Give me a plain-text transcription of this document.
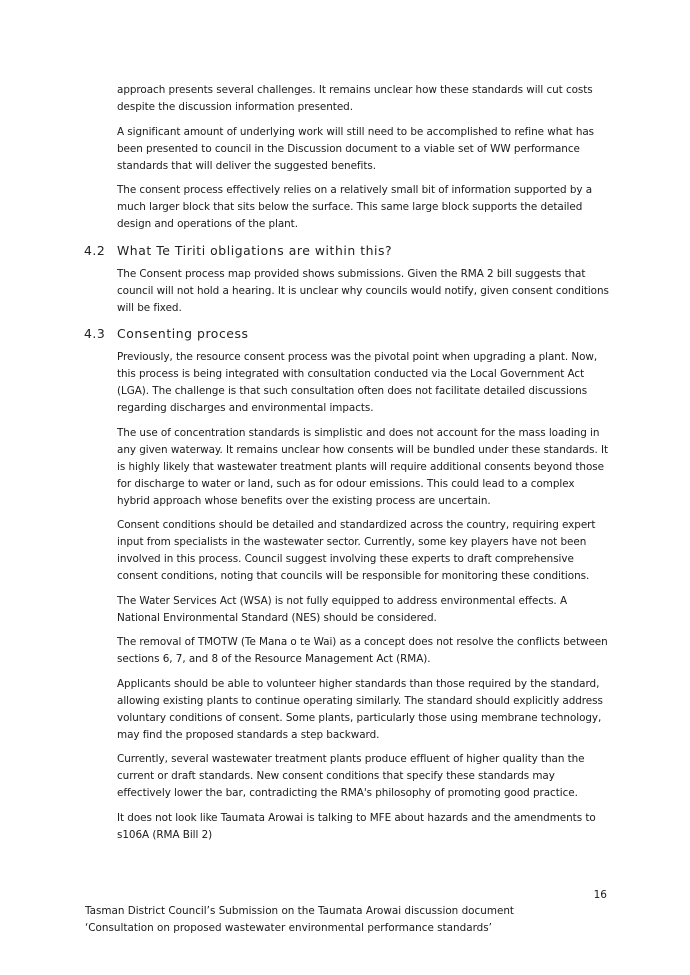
approach presents several challenges. It remains unclear how these standards will cut costs despite the discussion information presented.

A significant amount of underlying work will still need to be accomplished to refine what has been presented to council in the Discussion document to a viable set of WW performance standards that will deliver the suggested benefits.

The consent process effectively relies on a relatively small bit of information supported by a much larger block that sits below the surface. This same large block supports the detailed design and operations of the plant.

4.2 What Te Tiriti obligations are within this?

The Consent process map provided shows submissions. Given the RMA 2 bill suggests that council will not hold a hearing. It is unclear why councils would notify, given consent conditions will be fixed.

4.3 Consenting process

Previously, the resource consent process was the pivotal point when upgrading a plant. Now, this process is being integrated with consultation conducted via the Local Government Act (LGA). The challenge is that such consultation often does not facilitate detailed discussions regarding discharges and environmental impacts.

The use of concentration standards is simplistic and does not account for the mass loading in any given waterway. It remains unclear how consents will be bundled under these standards. It is highly likely that wastewater treatment plants will require additional consents beyond those for discharge to water or land, such as for odour emissions. This could lead to a complex hybrid approach whose benefits over the existing process are uncertain.

Consent conditions should be detailed and standardized across the country, requiring expert input from specialists in the wastewater sector. Currently, some key players have not been involved in this process. Council suggest involving these experts to draft comprehensive consent conditions, noting that councils will be responsible for monitoring these conditions.

The Water Services Act (WSA) is not fully equipped to address environmental effects. A National Environmental Standard (NES) should be considered.

The removal of TMOTW (Te Mana o te Wai) as a concept does not resolve the conflicts between sections 6, 7, and 8 of the Resource Management Act (RMA).

Applicants should be able to volunteer higher standards than those required by the standard, allowing existing plants to continue operating similarly. The standard should explicitly address voluntary conditions of consent. Some plants, particularly those using membrane technology, may find the proposed standards a step backward.

Currently, several wastewater treatment plants produce effluent of higher quality than the current or draft standards. New consent conditions that specify these standards may effectively lower the bar, contradicting the RMA's philosophy of promoting good practice.

It does not look like Taumata Arowai is talking to MFE about hazards and the amendments to s106A (RMA Bill 2)

16
Tasman District Council’s Submission on the Taumata Arowai discussion document
‘Consultation on proposed wastewater environmental performance standards’
